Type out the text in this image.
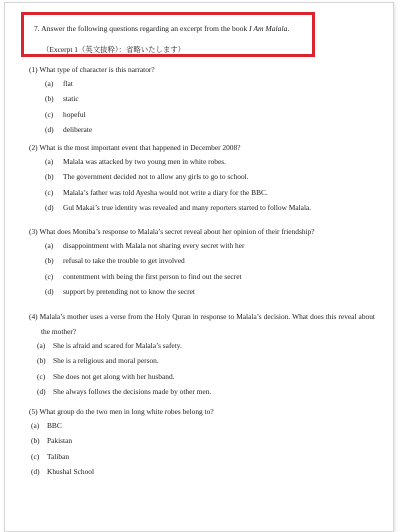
7. Answer the following questions regarding an excerpt from the book I Am Malala.
（Excerpt 1（英文抜粋）：省略いたします）
(1) What type of character is this narrator?
(a)	flat
(b)	static
(c)	hopeful
(d)	deliberate
(2) What is the most important event that happened in December 2008?
(a)	Malala was attacked by two young men in white robes.
(b)	The government decided not to allow any girls to go to school.
(c)	Malala’s father was told Ayesha would not write a diary for the BBC.
(d)	Gul Makai’s true identity was revealed and many reporters started to follow Malala.
(3) What does Moniba’s response to Malala’s secret reveal about her opinion of their friendship?
(a)	disappointment with Malala not sharing every secret with her
(b)	refusal to take the trouble to get involved
(c)	contentment with being the first person to find out the secret
(d)	support by pretending not to know the secret
(4) Malala’s mother uses a verse from the Holy Quran in response to Malala’s decision. What does this reveal about the mother?
(a)	She is afraid and scared for Malala’s safety.
(b) She is a religious and moral person.
(c)	She does not get along with her husband.
(d) She always follows the decisions made by other men.
(5) What group do the two men in long white robes belong to?
(a)	BBC
(b) Pakistan
(c)	Taliban
(d) Khushal School
